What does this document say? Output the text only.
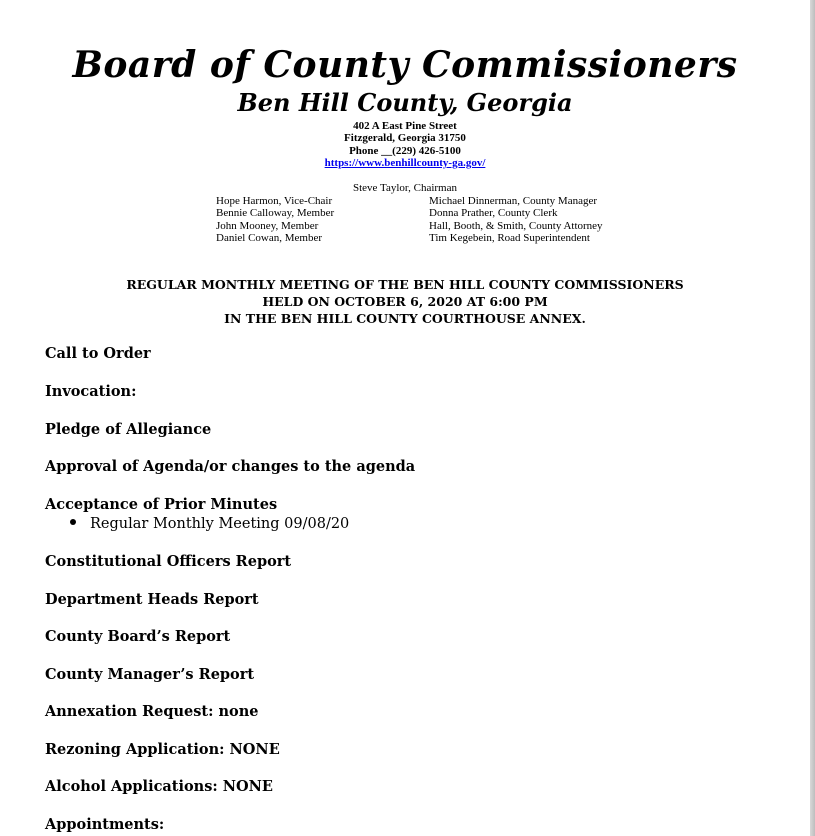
Board of County Commissioners
Ben Hill County, Georgia
402 A East Pine Street
Fitzgerald, Georgia 31750
Phone __(229) 426-5100
https://www.benhillcounty-ga.gov/
Steve Taylor, Chairman
Hope Harmon, Vice-Chair
Bennie Calloway, Member
John Mooney, Member
Daniel Cowan, Member
Michael Dinnerman, County Manager
Donna Prather, County Clerk
Hall, Booth, & Smith, County Attorney
Tim Kegebein, Road Superintendent
REGULAR MONTHLY MEETING OF THE BEN HILL COUNTY COMMISSIONERS
HELD ON OCTOBER 6, 2020 AT 6:00 PM
IN THE BEN HILL COUNTY COURTHOUSE ANNEX.
Call to Order
Invocation:
Pledge of Allegiance
Approval of Agenda/or changes to the agenda
Acceptance of Prior Minutes
Regular Monthly Meeting 09/08/20
Constitutional Officers Report
Department Heads Report
County Board’s Report
County Manager’s Report
Annexation Request: none
Rezoning Application: NONE
Alcohol Applications: NONE
Appointments:
